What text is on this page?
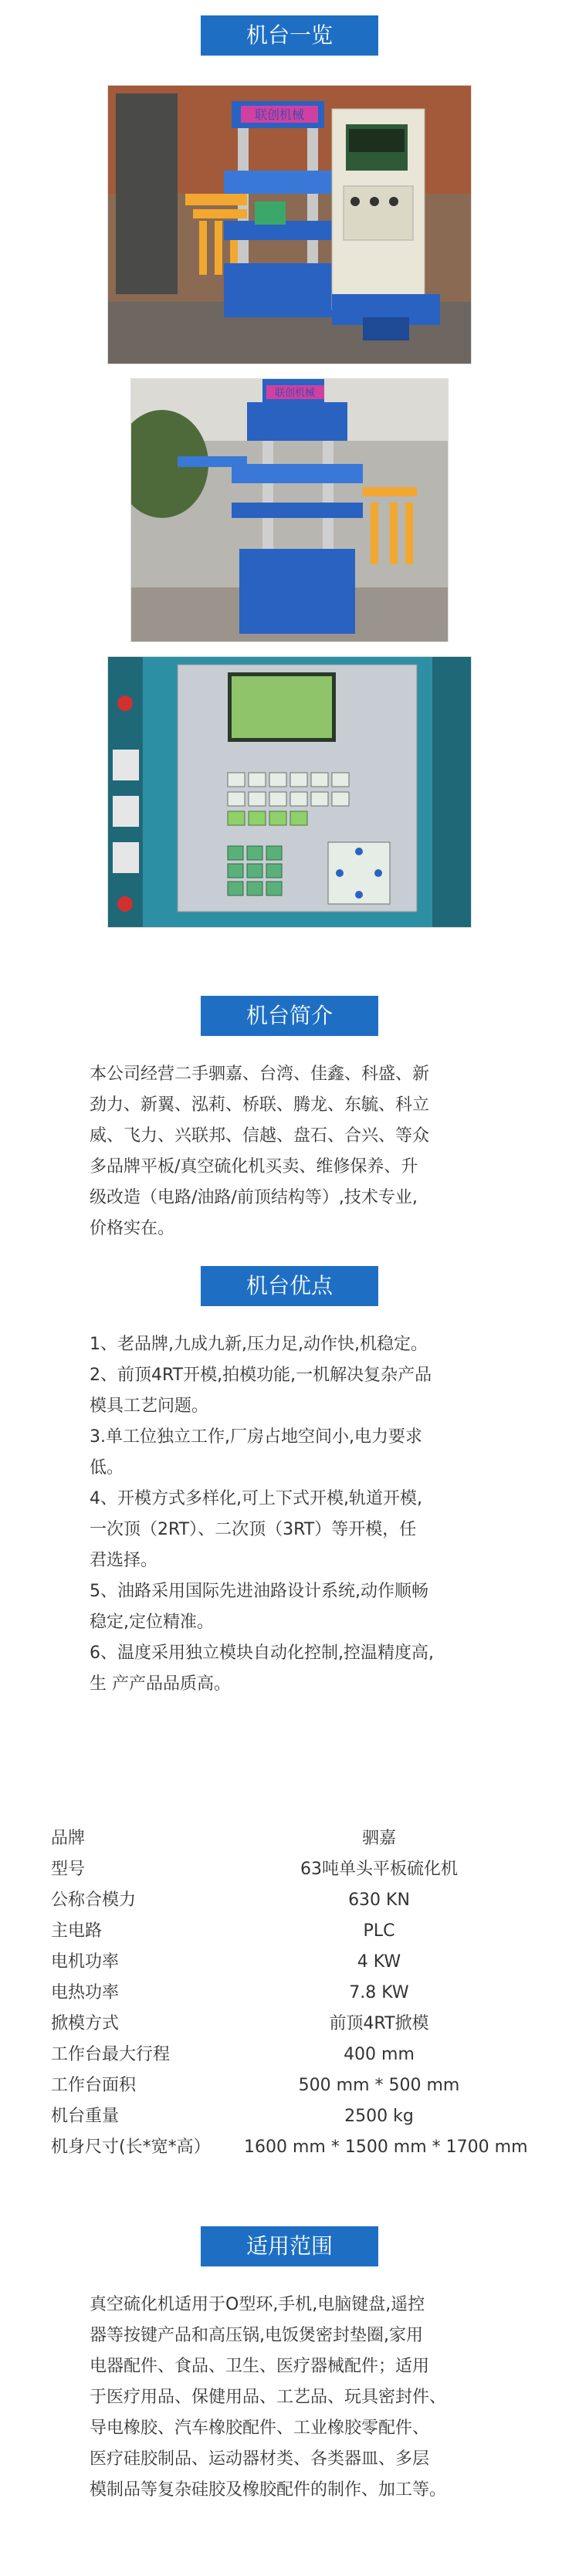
机台一览
联创机械
联创机械
机台简介
本公司经营二手驷嘉、台湾、佳鑫、科盛、新
劲力、新翼、泓莉、桥联、腾龙、东毓、科立
威、飞力、兴联邦、信越、盘石、合兴、等众
多品牌平板/真空硫化机买卖、维修保养、升
级改造（电路/油路/前顶结构等）,技术专业,
价格实在。
机台优点
1、老品牌,九成九新,压力足,动作快,机稳定。
2、前顶4RT开模,拍模功能,一机解决复杂产品
模具工艺问题。
3.单工位独立工作,厂房占地空间小,电力要求
低。
4、开模方式多样化,可上下式开模,轨道开模,
一次顶（2RT）、二次顶（3RT）等开模，任
君选择。
5、油路采用国际先进油路设计系统,动作顺畅
稳定,定位精准。
6、温度采用独立模块自动化控制,控温精度高,
生 产产品品质高。
品牌	驷嘉
型号	63吨单头平板硫化机
公称合模力	630 KN
主电路	PLC
电机功率	4 KW
电热功率	7.8 KW
掀模方式	前顶4RT掀模
工作台最大行程	400 mm
工作台面积	500 mm * 500 mm
机台重量	2500 kg
机身尺寸(长*宽*高） 1600 mm * 1500 mm * 1700 mm
适用范围
真空硫化机适用于O型环,手机,电脑键盘,遥控
器等按键产品和高压锅,电饭煲密封垫圈,家用
电器配件、食品、卫生、医疗器械配件；适用
于医疗用品、保健用品、工艺品、玩具密封件、
导电橡胶、汽车橡胶配件、工业橡胶零配件、
医疗硅胶制品、运动器材类、各类器皿、多层
模制品等复杂硅胶及橡胶配件的制作、加工等。
